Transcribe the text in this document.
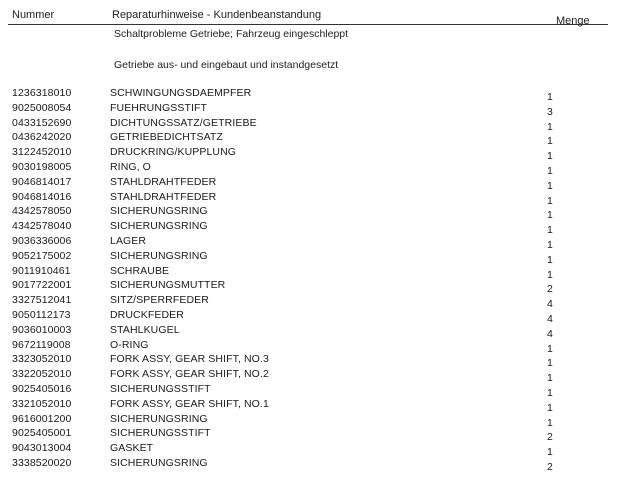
Nummer	Reparaturhinweise - Kundenbeanstandung	Menge
Schaltprobleme Getriebe; Fahrzeug eingeschleppt
Getriebe aus- und eingebaut und instandgesetzt
1236318010	SCHWINGUNGSDAEMPFER	1
9025008054	FUEHRUNGSSTIFT	3
0433152690	DICHTUNGSSATZ/GETRIEBE	1
0436242020	GETRIEBEDICHTSATZ	1
3122452010	DRUCKRING/KUPPLUNG	1
9030198005	RING, O	1
9046814017	STAHLDRAHTFEDER	1
9046814016	STAHLDRAHTFEDER	1
4342578050	SICHERUNGSRING	1
4342578040	SICHERUNGSRING	1
9036336006	LAGER	1
9052175002	SICHERUNGSRING	1
9011910461	SCHRAUBE	1
9017722001	SICHERUNGSMUTTER	2
3327512041	SITZ/SPERRFEDER	4
9050112173	DRUCKFEDER	4
9036010003	STAHLKUGEL	4
9672119008	O-RING	1
3323052010	FORK ASSY, GEAR SHIFT, NO.3	1
3322052010	FORK ASSY, GEAR SHIFT, NO.2	1
9025405016	SICHERUNGSSTIFT	1
3321052010	FORK ASSY, GEAR SHIFT, NO.1	1
9616001200	SICHERUNGSRING	1
9025405001	SICHERUNGSSTIFT	2
9043013004	GASKET	1
3338520020	SICHERUNGSRING	2
